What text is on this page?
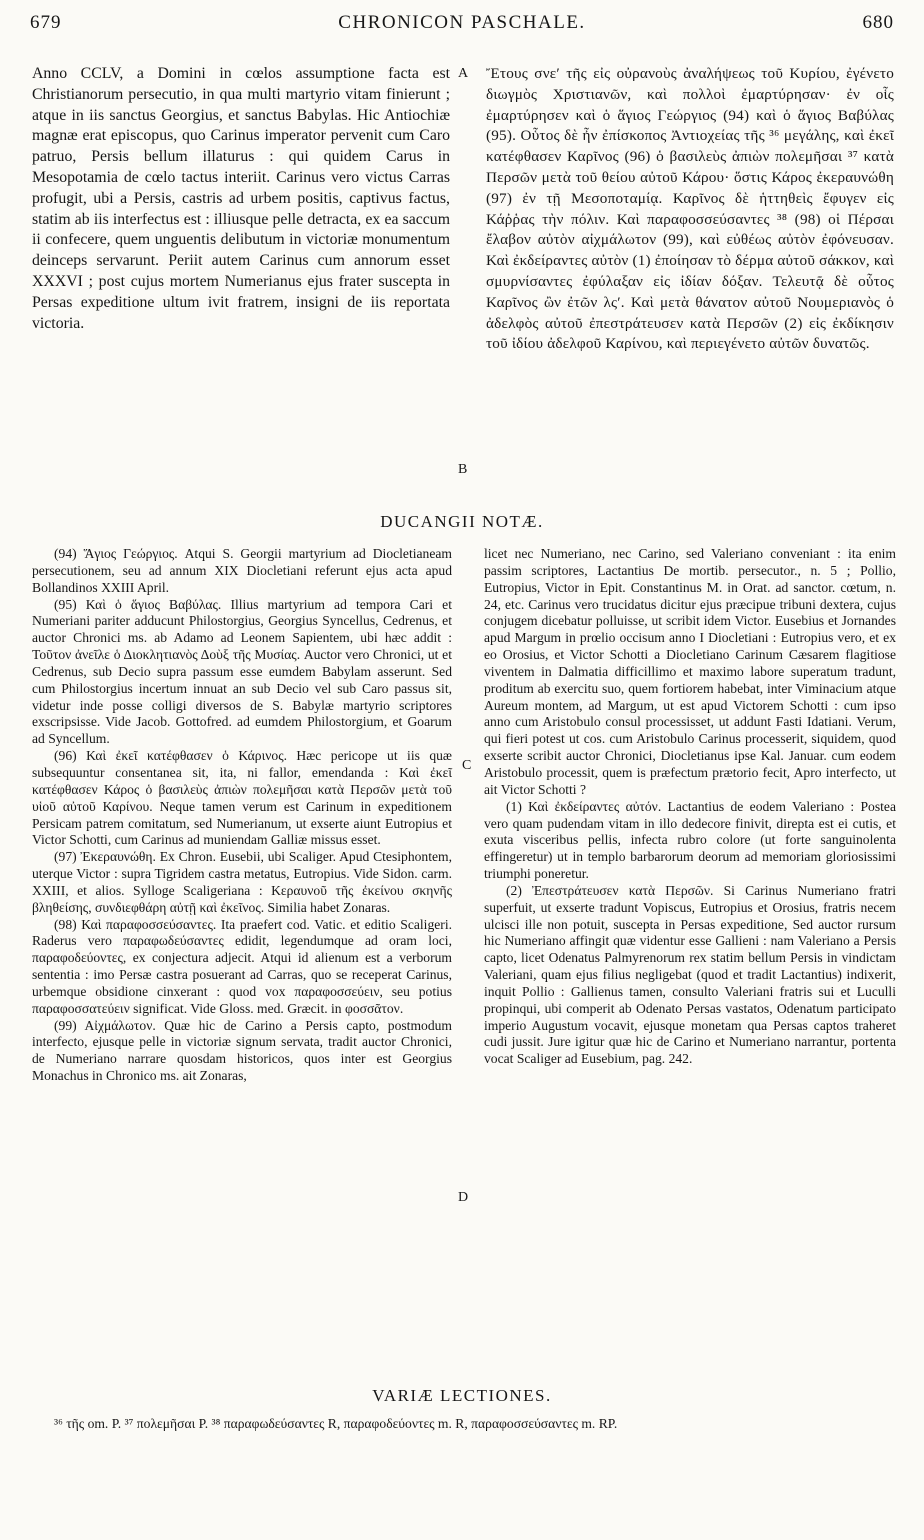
679	CHRONICON PASCHALE.	680
Anno CCLV, a Domini in cœlos assumptione facta est Christianorum persecutio, in qua multi martyrio vitam finierunt ; atque in iis sanctus Georgius, et sanctus Babylas. Hic Antiochiæ magnæ erat episcopus, quo Carinus imperator pervenit cum Caro patruo, Persis bellum illaturus : qui quidem Carus in Mesopotamia de cœlo tactus interiit. Carinus vero victus Carras profugit, ubi a Persis, castris ad urbem positis, captivus factus, statim ab iis interfectus est : illiusque pelle detracta, ex ea saccum ii confecere, quem unguentis delibutum in victoriæ monumentum deinceps servarunt. Periit autem Carinus cum annorum esset XXXVI ; post cujus mortem Numerianus ejus frater suscepta in Persas expeditione ultum ivit fratrem, insigni de iis reportata victoria.
A Ἔτους σνε′ τῆς εἰς οὐρανοὺς ἀναλήψεως τοῦ Κυρίου, ἐγένετο διωγμὸς Χριστιανῶν, καὶ πολλοὶ ἐμαρτύρησαν· ἐν οἷς ἐμαρτύρησεν καὶ ὁ ἅγιος Γεώργιος (94) καὶ ὁ ἅγιος Βαβύλας (95). Οὗτος δὲ ἦν ἐπίσκοπος Ἀντιοχείας τῆς ³⁶ μεγάλης, καὶ ἐκεῖ κατέφθασεν Καρῖνος (96) ὁ βασιλεὺς ἀπιὼν πολεμῆσαι ³⁷ κατὰ Περσῶν μετὰ τοῦ θείου αὐτοῦ Κάρου· ὅστις Κάρος ἐκεραυνώθη (97) ἐν τῇ Μεσοποταμίᾳ. Καρῖνος δὲ ἡττηθεὶς ἔφυγεν εἰς Κάῤῥας τὴν πόλιν. Καὶ παραφοσσεύσαντες ³⁸ (98) οἱ Πέρσαι ἔλαβον αὐτὸν αἰχμάλωτον (99), καὶ εὐθέως αὐτὸν ἐφόνευσαν. Καὶ ἐκδείραντες αὐτὸν (1) ἐποίησαν τὸ δέρμα αὐτοῦ σάκκον, καὶ σμυρνίσαντες ἐφύλαξαν εἰς ἰδίαν δόξαν. Τελευτᾷ δὲ οὗτος Καρῖνος ὢν ἐτῶν λς′. Καὶ μετὰ θάνατον αὐτοῦ Νουμεριανὸς ὁ ἀδελφὸς αὐτοῦ ἐπεστράτευσεν κατὰ Περσῶν (2) εἰς ἐκδίκησιν τοῦ ἰδίου ἀδελφοῦ Καρίνου, καὶ περιεγένετο αὐτῶν δυνατῶς.
B
DUCANGII NOTÆ.

(94) Ἅγιος Γεώργιος. Atqui S. Georgii martyrium ad Diocletianeam persecutionem, seu ad annum XIX Diocletiani referunt ejus acta apud Bollandinos XXIII April.

(95) Καὶ ὁ ἅγιος Βαβύλας. Illius martyrium ad tempora Cari et Numeriani pariter adducunt Philostorgius, Georgius Syncellus, Cedrenus, et auctor Chronici ms. ab Adamo ad Leonem Sapientem, ubi hæc addit : Τοῦτον ἀνεῖλε ὁ Διοκλητιανὸς Δοὺξ τῆς Μυσίας. Auctor vero Chronici, ut et Cedrenus, sub Decio supra passum esse eumdem Babylam asserunt. Sed cum Philostorgius incertum innuat an sub Decio vel sub Caro passus sit, videtur inde posse colligi diversos de S. Babylæ martyrio scriptores exscripsisse. Vide Jacob. Gottofred. ad eumdem Philostorgium, et Goarum ad Syncellum.

(96) Καὶ ἐκεῖ κατέφθασεν ὁ Κάρινος. Hæc pericope ut iis quæ subsequuntur consentanea sit, ita, ni fallor, emendanda : Καὶ ἐκεῖ κατέφθασεν Κάρος ὁ βασιλεὺς ἀπιὼν πολεμῆσαι κατὰ Περσῶν μετὰ τοῦ υἱοῦ αὐτοῦ Καρίνου. Neque tamen verum est Carinum in expeditionem Persicam patrem comitatum, sed Numerianum, ut exserte aiunt Eutropius et Victor Schotti, cum Carinus ad muniendam Galliæ missus esset.

(97) Ἐκεραυνώθη. Ex Chron. Eusebii, ubi Scaliger. Apud Ctesiphontem, uterque Victor : supra Tigridem castra metatus, Eutropius. Vide Sidon. carm. XXIII, et alios. Sylloge Scaligeriana : Κεραυνοῦ τῆς ἐκείνου σκηνῆς βληθείσης, συνδιεφθάρη αὐτῇ καὶ ἐκεῖνος. Similia habet Zonaras.

(98) Καὶ παραφοσσεύσαντες. Ita praefert cod. Vatic. et editio Scaligeri. Raderus vero παραφωδεύσαντες edidit, legendumque ad oram loci, παραφοδεύοντες, ex conjectura adjecit. Atqui id alienum est a verborum sententia : imo Persæ castra posuerant ad Carras, quo se receperat Carinus, urbemque obsidione cinxerant : quod vox παραφοσσεύειν, seu potius παραφοσσατεύειν significat. Vide Gloss. med. Græcit. in φοσσᾶτον.

(99) Αἰχμάλωτον. Quæ hic de Carino a Persis capto, postmodum interfecto, ejusque pelle in victoriæ signum servata, tradit auctor Chronici, de Numeriano narrare quosdam historicos, quos inter est Georgius Monachus in Chronico ms. ait Zonaras,

C
D

licet nec Numeriano, nec Carino, sed Valeriano conveniant : ita enim passim scriptores, Lactantius De mortib. persecutor., n. 5 ; Pollio, Eutropius, Victor in Epit. Constantinus M. in Orat. ad sanctor. cœtum, n. 24, etc. Carinus vero trucidatus dicitur ejus præcipue tribuni dextera, cujus conjugem dicebatur polluisse, ut scribit idem Victor. Eusebius et Jornandes apud Margum in prœlio occisum anno I Diocletiani : Eutropius vero, et ex eo Orosius, et Victor Schotti a Diocletiano Carinum Cæsarem flagitiose viventem in Dalmatia difficillimo et maximo labore superatum tradunt, proditum ab exercitu suo, quem fortiorem habebat, inter Viminacium atque Aureum montem, ad Margum, ut est apud Victorem Schotti : cum ipso anno cum Aristobulo consul processisset, ut addunt Fasti Idatiani. Verum, qui fieri potest ut cos. cum Aristobulo Carinus processerit, siquidem, quod exserte scribit auctor Chronici, Diocletianus ipse Kal. Januar. cum eodem Aristobulo processit, quem is præfectum prætorio fecit, Apro interfecto, ut ait Victor Schotti ?

(1) Καὶ ἐκδείραντες αὐτόν. Lactantius de eodem Valeriano : Postea vero quam pudendam vitam in illo dedecore finivit, direpta est ei cutis, et exuta visceribus pellis, infecta rubro colore (ut forte sanguinolenta effingeretur) ut in templo barbarorum deorum ad memoriam gloriosissimi triumphi poneretur.

(2) Ἐπεστράτευσεν κατὰ Περσῶν. Si Carinus Numeriano fratri superfuit, ut exserte tradunt Vopiscus, Eutropius et Orosius, fratris necem ulcisci ille non potuit, suscepta in Persas expeditione, Sed auctor rursum hic Numeriano affingit quæ videntur esse Gallieni : nam Valeriano a Persis capto, licet Odenatus Palmyrenorum rex statim bellum Persis in vindictam Valeriani, quam ejus filius negligebat (quod et tradit Lactantius) indixerit, inquit Pollio : Gallienus tamen, consulto Valeriani fratris sui et Luculli propinqui, ubi comperit ab Odenato Persas vastatos, Odenatum participato imperio Augustum vocavit, ejusque monetam qua Persas captos traheret cudi jussit. Jure igitur quæ hic de Carino et Numeriano narrantur, portenta vocat Scaliger ad Eusebium, pag. 242.

VARIÆ LECTIONES.
³⁶ τῆς om. P. ³⁷ πολεμῆσαι P. ³⁸ παραφωδεύσαντες R, παραφοδεύοντες m. R, παραφοσσεύσαντες m. RP.
